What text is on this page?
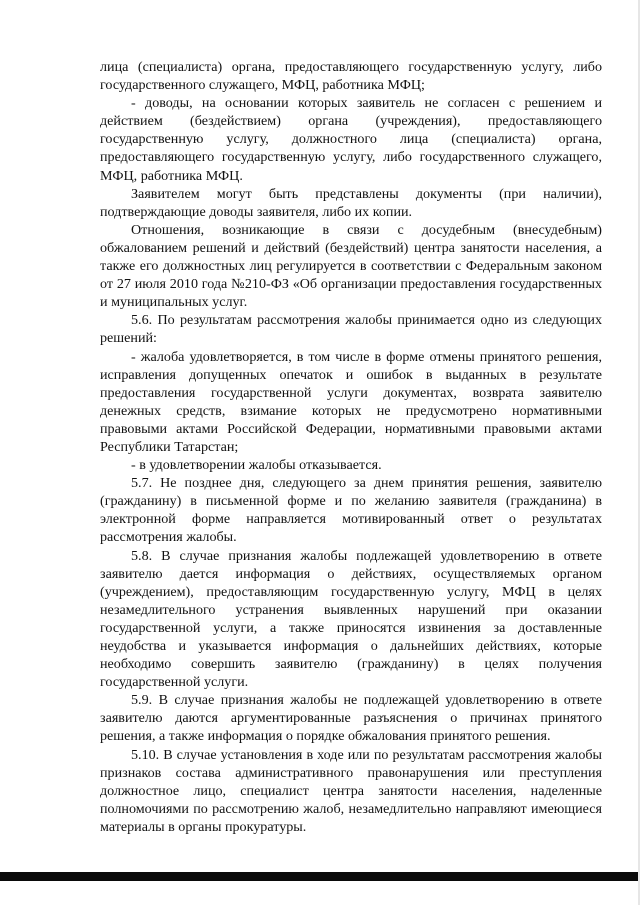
лица (специалиста) органа, предоставляющего государственную услугу, либо государственного служащего, МФЦ, работника МФЦ;

- доводы, на основании которых заявитель не согласен с решением и действием (бездействием) органа (учреждения), предоставляющего государственную услугу, должностного лица (специалиста) органа, предоставляющего государственную услугу, либо государственного служащего, МФЦ, работника МФЦ.

Заявителем могут быть представлены документы (при наличии), подтверждающие доводы заявителя, либо их копии.

Отношения, возникающие в связи с досудебным (внесудебным) обжалованием решений и действий (бездействий) центра занятости населения, а также его должностных лиц регулируется в соответствии с Федеральным законом от 27 июля 2010 года №210-ФЗ «Об организации предоставления государственных и муниципальных услуг.

5.6. По результатам рассмотрения жалобы принимается одно из следующих решений:

- жалоба удовлетворяется, в том числе в форме отмены принятого решения, исправления допущенных опечаток и ошибок в выданных в результате предоставления государственной услуги документах, возврата заявителю денежных средств, взимание которых не предусмотрено нормативными правовыми актами Российской Федерации, нормативными правовыми актами Республики Татарстан;

- в удовлетворении жалобы отказывается.

5.7. Не позднее дня, следующего за днем принятия решения, заявителю (гражданину) в письменной форме и по желанию заявителя (гражданина) в электронной форме направляется мотивированный ответ о результатах рассмотрения жалобы.

5.8. В случае признания жалобы подлежащей удовлетворению в ответе заявителю дается информация о действиях, осуществляемых органом (учреждением), предоставляющим государственную услугу, МФЦ в целях незамедлительного устранения выявленных нарушений при оказании государственной услуги, а также приносятся извинения за доставленные неудобства и указывается информация о дальнейших действиях, которые необходимо совершить заявителю (гражданину) в целях получения государственной услуги.

5.9. В случае признания жалобы не подлежащей удовлетворению в ответе заявителю даются аргументированные разъяснения о причинах принятого решения, а также информация о порядке обжалования принятого решения.

5.10. В случае установления в ходе или по результатам рассмотрения жалобы признаков состава административного правонарушения или преступления должностное лицо, специалист центра занятости населения, наделенные полномочиями по рассмотрению жалоб, незамедлительно направляют имеющиеся материалы в органы прокуратуры.
